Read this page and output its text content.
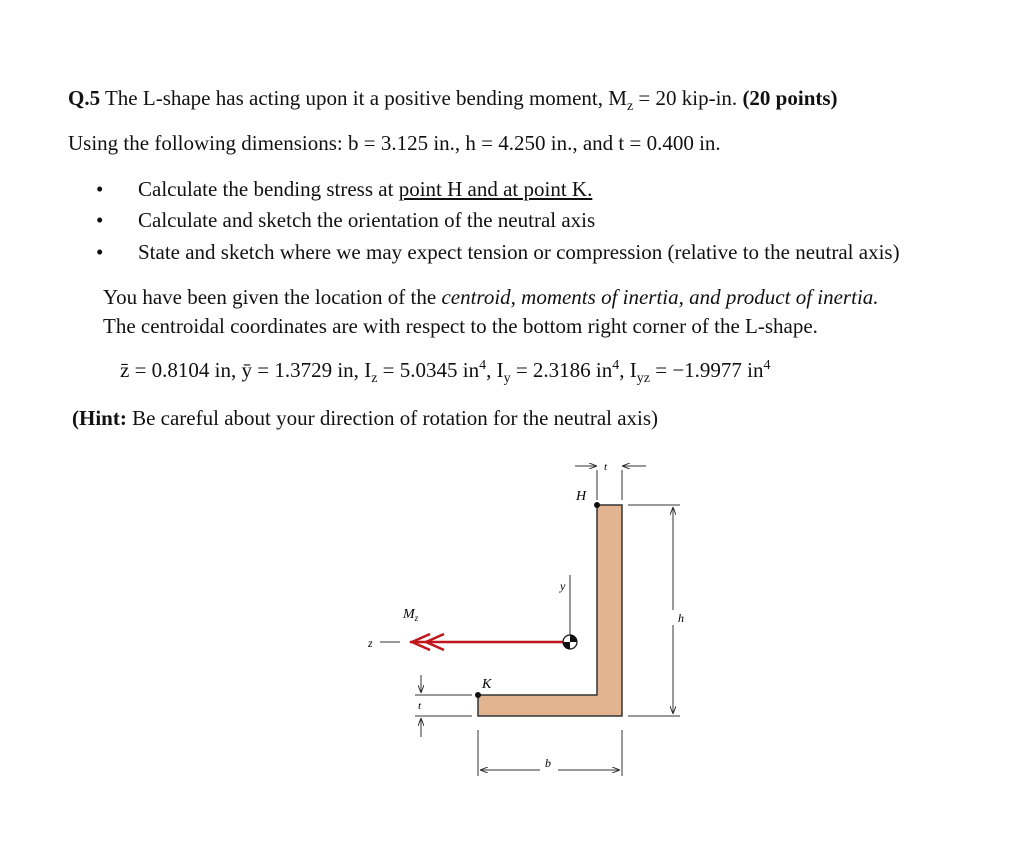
Q.5 The L-shape has acting upon it a positive bending moment, $M_z = 20$ kip-in. (20 points)
Using the following dimensions: b = 3.125 in., h = 4.250 in., and t = 0.400 in.
• Calculate the bending stress at point H and at point K.
• Calculate and sketch the orientation of the neutral axis
• State and sketch where we may expect tension or compression (relative to the neutral axis)
You have been given the location of the centroid, moments of inertia, and product of inertia.
The centroidal coordinates are with respect to the bottom right corner of the L-shape.
z̄ = 0.8104 in, ȳ = 1.3729 in, $I_z = 5.0345$ $in^4$, $I_y = 2.3186$ $in^4$, $I_{yz} = -1.9977$ $in^4$
(Hint: Be careful about your direction of rotation for the neutral axis)
t
H
h
y
$M_z$
z
K
t
b
